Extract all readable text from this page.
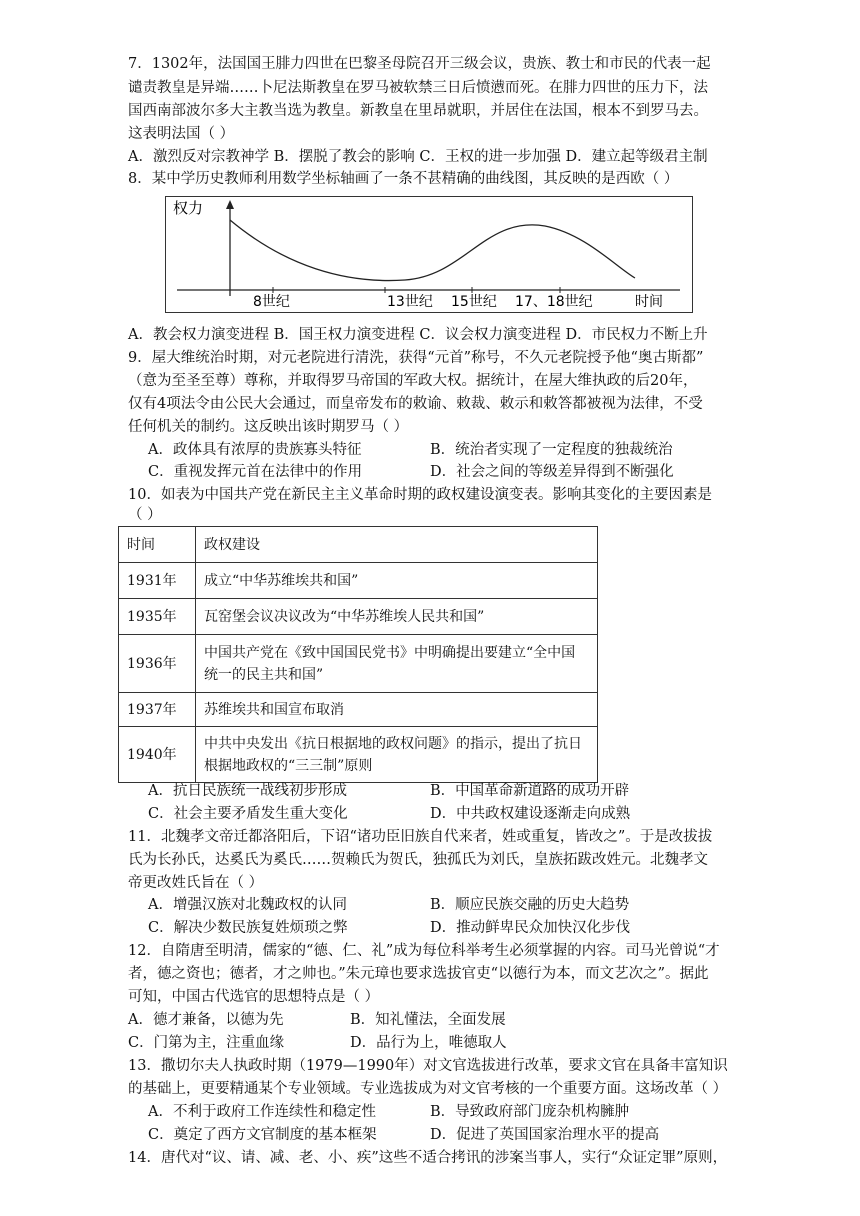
7．1302年，法国国王腓力四世在巴黎圣母院召开三级会议，贵族、教士和市民的代表一起
谴责教皇是异端……卜尼法斯教皇在罗马被软禁三日后愤懑而死。在腓力四世的压力下，法
国西南部波尔多大主教当选为教皇。新教皇在里昂就职，并居住在法国，根本不到罗马去。
这表明法国（ ）
A．激烈反对宗教神学 B．摆脱了教会的影响 C．王权的进一步加强 D．建立起等级君主制
8．某中学历史教师利用数学坐标轴画了一条不甚精确的曲线图，其反映的是西欧（ ）
权力
8世纪	13世纪 15世纪 17、18世纪	时间
A．教会权力演变进程 B．国王权力演变进程 C．议会权力演变进程 D．市民权力不断上升
9．屋大维统治时期，对元老院进行清洗，获得“元首”称号，不久元老院授予他“奥古斯都”
（意为至圣至尊）尊称，并取得罗马帝国的军政大权。据统计，在屋大维执政的后20年，
仅有4项法令由公民大会通过，而皇帝发布的敕谕、敕裁、敕示和敕答都被视为法律，不受
任何机关的制约。这反映出该时期罗马（ ）
A．政体具有浓厚的贵族寡头特征	B．统治者实现了一定程度的独裁统治
C．重视发挥元首在法律中的作用	D．社会之间的等级差异得到不断强化
10．如表为中国共产党在新民主主义革命时期的政权建设演变表。影响其变化的主要因素是
（ ）
时间	政权建设
1931年	成立“中华苏维埃共和国”
1935年	瓦窑堡会议决议改为“中华苏维埃人民共和国”
1936年	中国共产党在《致中国国民党书》中明确提出要建立“全中国统一的民主共和国”
1937年	苏维埃共和国宣布取消
1940年	中共中央发出《抗日根据地的政权问题》的指示，提出了抗日根据地政权的“三三制”原则
A．抗日民族统一战线初步形成	B．中国革命新道路的成功开辟
C．社会主要矛盾发生重大变化	D．中共政权建设逐渐走向成熟
11．北魏孝文帝迁都洛阳后，下诏“诸功臣旧族自代来者，姓或重复，皆改之”。于是改拔拔
氏为长孙氏，达奚氏为奚氏……贺赖氏为贺氏，独孤氏为刘氏，皇族拓跋改姓元。北魏孝文
帝更改姓氏旨在（ ）
A．增强汉族对北魏政权的认同	B．顺应民族交融的历史大趋势
C．解决少数民族复姓烦琐之弊	D．推动鲜卑民众加快汉化步伐
12．自隋唐至明清，儒家的“德、仁、礼”成为每位科举考生必须掌握的内容。司马光曾说“才
者，德之资也；德者，才之帅也。”朱元璋也要求选拔官吏“以德行为本，而文艺次之”。据此
可知，中国古代选官的思想特点是（ ）
A．德才兼备，以德为先	B．知礼懂法，全面发展
C．门第为主，注重血缘	D．品行为上，唯德取人
13．撒切尔夫人执政时期（1979—1990年）对文官选拔进行改革，要求文官在具备丰富知识
的基础上，更要精通某个专业领域。专业选拔成为对文官考核的一个重要方面。这场改革（ ）
A．不利于政府工作连续性和稳定性	B．导致政府部门庞杂机构臃肿
C．奠定了西方文官制度的基本框架	D．促进了英国国家治理水平的提高
14．唐代对“议、请、减、老、小、疾”这些不适合拷讯的涉案当事人，实行“众证定罪”原则，
